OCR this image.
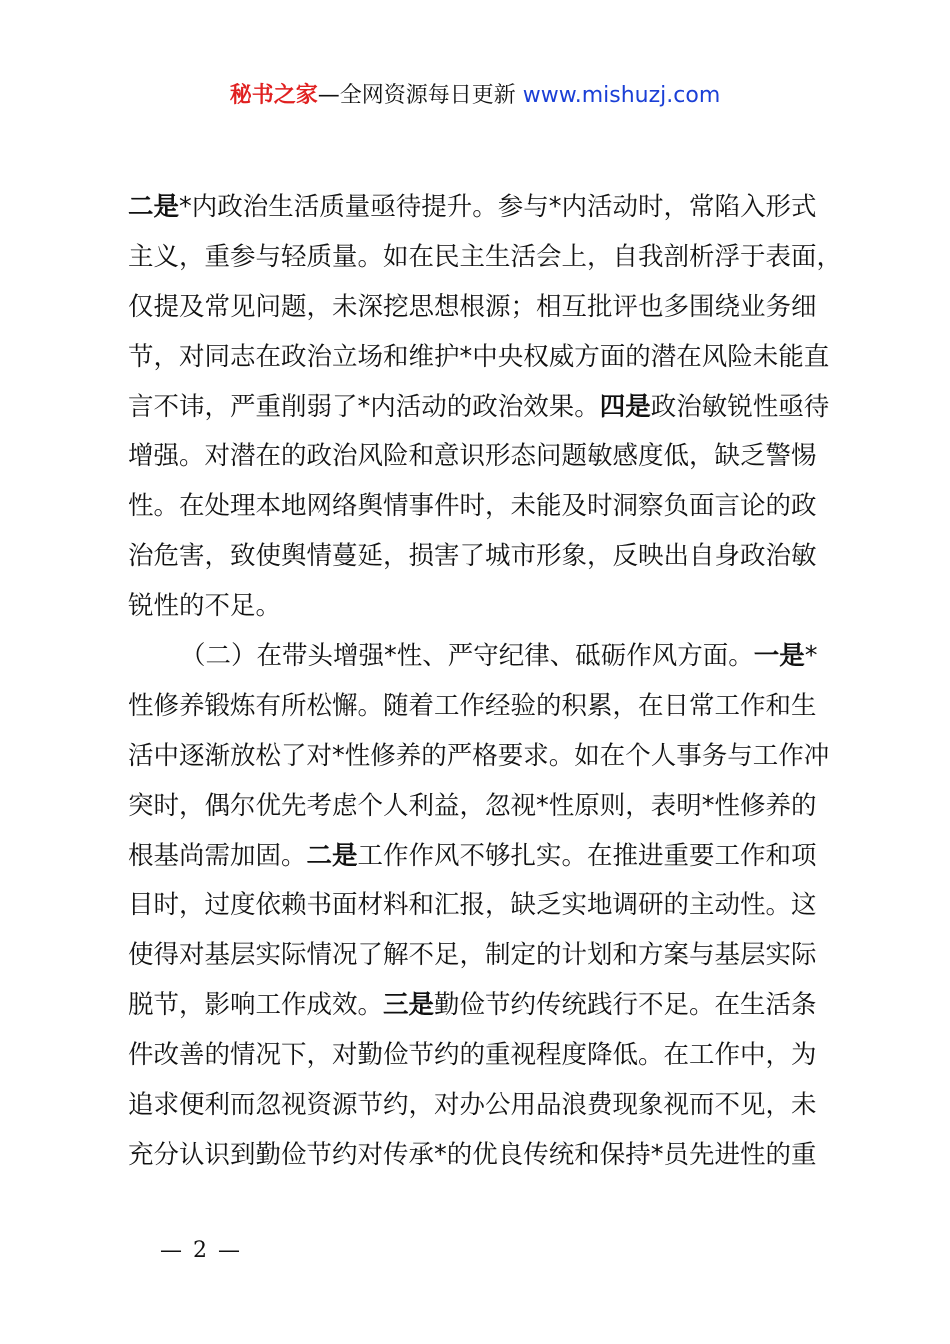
秘书之家—全网资源每日更新 www.mishuzj.com
二是*内政治生活质量亟待提升。参与*内活动时，常陷入形式
主义，重参与轻质量。如在民主生活会上，自我剖析浮于表面，
仅提及常见问题，未深挖思想根源；相互批评也多围绕业务细
节，对同志在政治立场和维护*中央权威方面的潜在风险未能直
言不讳，严重削弱了*内活动的政治效果。四是政治敏锐性亟待
增强。对潜在的政治风险和意识形态问题敏感度低，缺乏警惕
性。在处理本地网络舆情事件时，未能及时洞察负面言论的政
治危害，致使舆情蔓延，损害了城市形象，反映出自身政治敏
锐性的不足。
（二）在带头增强*性、严守纪律、砥砺作风方面。一是*
性修养锻炼有所松懈。随着工作经验的积累，在日常工作和生
活中逐渐放松了对*性修养的严格要求。如在个人事务与工作冲
突时，偶尔优先考虑个人利益，忽视*性原则，表明*性修养的
根基尚需加固。二是工作作风不够扎实。在推进重要工作和项
目时，过度依赖书面材料和汇报，缺乏实地调研的主动性。这
使得对基层实际情况了解不足，制定的计划和方案与基层实际
脱节，影响工作成效。三是勤俭节约传统践行不足。在生活条
件改善的情况下，对勤俭节约的重视程度降低。在工作中，为
追求便利而忽视资源节约，对办公用品浪费现象视而不见，未
充分认识到勤俭节约对传承*的优良传统和保持*员先进性的重
— 2 —
